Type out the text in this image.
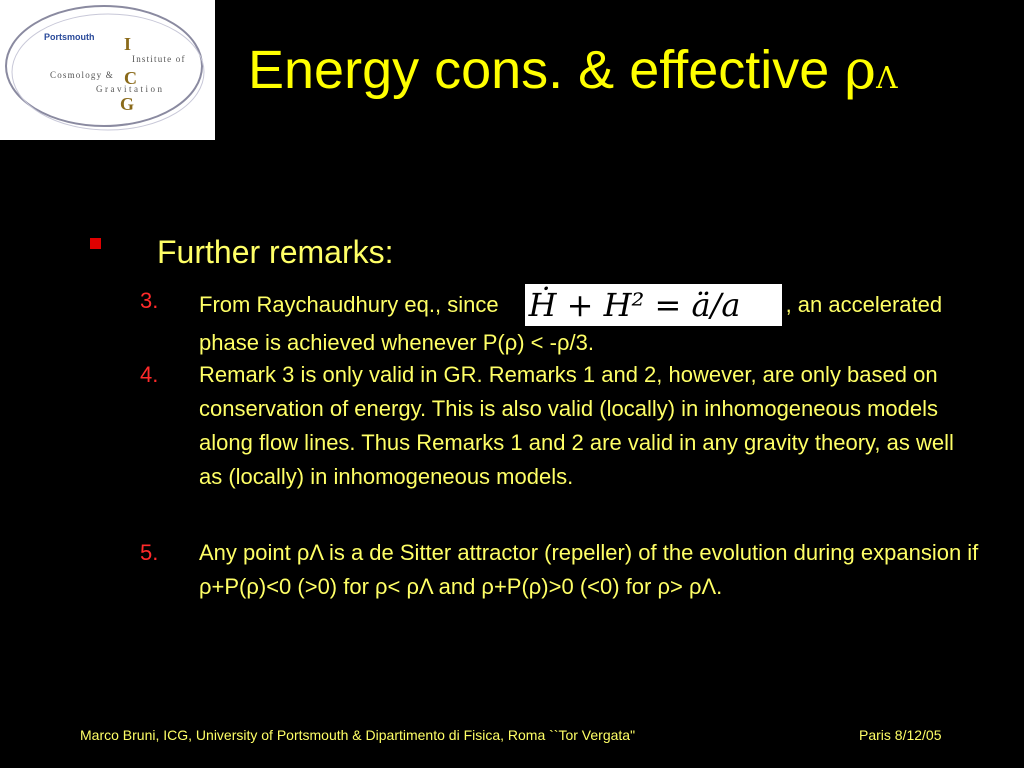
Portsmouth I
C
G
Institute of
Cosmology &
Gravitation Energy cons. & effective ρΛ
Further remarks:
3. From Raychaudhury eq., since Ḣ + H² = ä/a , an accelerated phase is achieved whenever P(ρ) < -ρ/3.
4. Remark 3 is only valid in GR. Remarks 1 and 2, however, are only based on conservation of energy. This is also valid (locally) in inhomogeneous models along flow lines. Thus Remarks 1 and 2 are valid in any gravity theory, as well as (locally) in inhomogeneous models.
5. Any point ρΛ is a de Sitter attractor (repeller) of the evolution during expansion if ρ+P(ρ)<0 (>0) for ρ< ρΛ and ρ+P(ρ)>0 (<0) for ρ> ρΛ.
Marco Bruni, ICG, University of Portsmouth & Dipartimento di Fisica, Roma ``Tor Vergata"	Paris 8/12/05
